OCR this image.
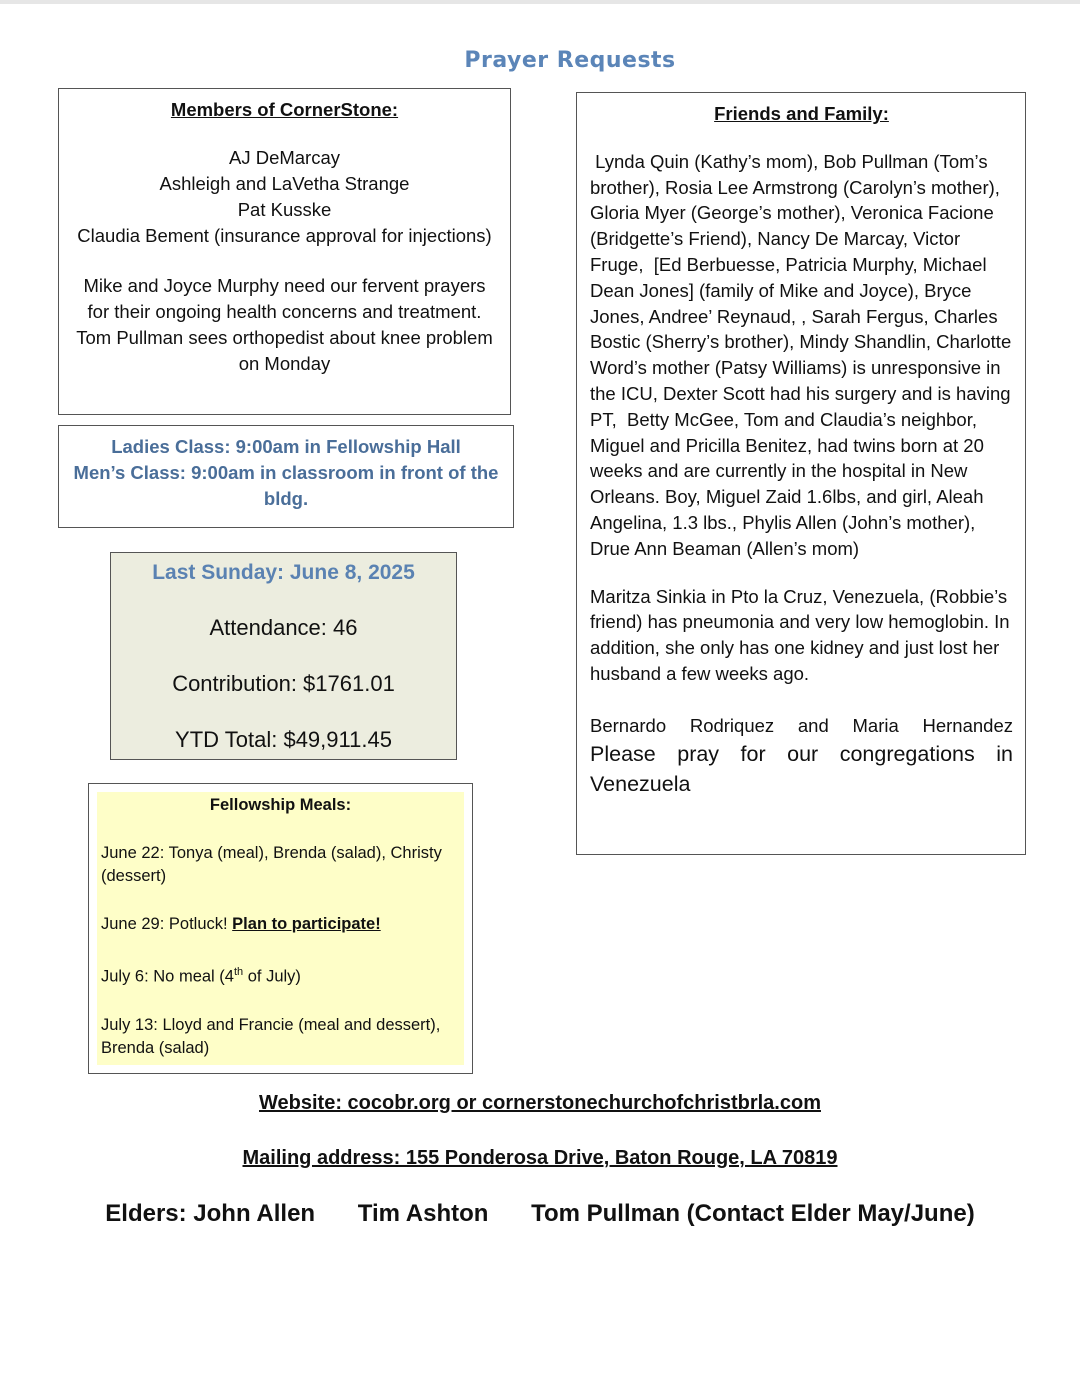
Prayer Requests
Members of CornerStone:
AJ DeMarcay
Ashleigh and LaVetha Strange
Pat Kusske
Claudia Bement (insurance approval for injections)
Mike and Joyce Murphy need our fervent prayers for their ongoing health concerns and treatment. Tom Pullman sees orthopedist about knee problem on Monday
Ladies Class: 9:00am in Fellowship Hall
Men’s Class: 9:00am in classroom in front of the bldg.
Last Sunday: June 8, 2025
Attendance: 46
Contribution: $1761.01
YTD Total: $49,911.45
Fellowship Meals:
June 22: Tonya (meal), Brenda (salad), Christy (dessert)
June 29: Potluck! Plan to participate!
July 6: No meal (4th of July)
July 13: Lloyd and Francie (meal and dessert), Brenda (salad)
Friends and Family:
Lynda Quin (Kathy’s mom), Bob Pullman (Tom’s brother), Rosia Lee Armstrong (Carolyn’s mother), Gloria Myer (George’s mother), Veronica Facione (Bridgette’s Friend), Nancy De Marcay, Victor Fruge,  [Ed Berbuesse, Patricia Murphy, Michael Dean Jones] (family of Mike and Joyce), Bryce Jones, Andree’ Reynaud, , Sarah Fergus, Charles Bostic (Sherry’s brother), Mindy Shandlin, Charlotte Word’s mother (Patsy Williams) is unresponsive in the ICU, Dexter Scott had his surgery and is having PT,  Betty McGee, Tom and Claudia’s neighbor, Miguel and Pricilla Benitez, had twins born at 20 weeks and are currently in the hospital in New Orleans. Boy, Miguel Zaid 1.6lbs, and girl, Aleah Angelina, 1.3 lbs., Phylis Allen (John’s mother), Drue Ann Beaman (Allen’s mom)
Maritza Sinkia in Pto la Cruz, Venezuela, (Robbie’s friend) has pneumonia and very low hemoglobin. In addition, she only has one kidney and just lost her husband a few weeks ago.
Bernardo Rodriquez and Maria Hernandez
Please pray for our congregations in
Venezuela
Website: cocobr.org or cornerstonechurchofchristbrla.com
Mailing address: 155 Ponderosa Drive, Baton Rouge, LA 70819
Elders: John Allen Tim Ashton Tom Pullman (Contact Elder May/June)
